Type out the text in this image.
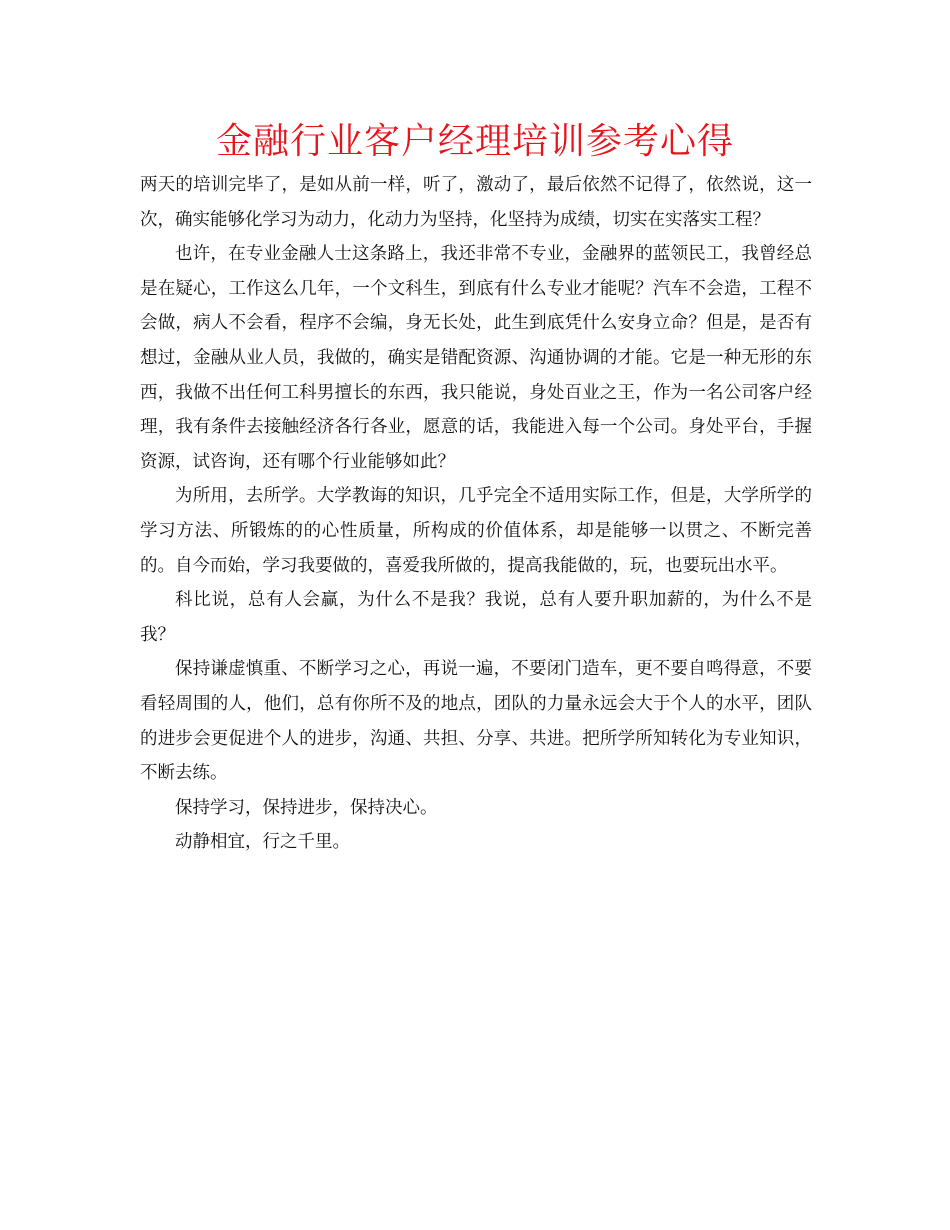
金融行业客户经理培训参考心得

两天的培训完毕了，是如从前一样，听了，激动了，最后依然不记得了，依然说，这一次，确实能够化学习为动力，化动力为坚持，化坚持为成绩，切实在实落实工程？

也许，在专业金融人士这条路上，我还非常不专业，金融界的蓝领民工，我曾经总是在疑心，工作这么几年，一个文科生，到底有什么专业才能呢？汽车不会造，工程不会做，病人不会看，程序不会编，身无长处，此生到底凭什么安身立命？但是，是否有想过，金融从业人员，我做的，确实是错配资源、沟通协调的才能。它是一种无形的东西，我做不出任何工科男擅长的东西，我只能说，身处百业之王，作为一名公司客户经理，我有条件去接触经济各行各业，愿意的话，我能进入每一个公司。身处平台，手握资源，试咨询，还有哪个行业能够如此？

为所用，去所学。大学教诲的知识，几乎完全不适用实际工作，但是，大学所学的学习方法、所锻炼的的心性质量，所构成的价值体系，却是能够一以贯之、不断完善的。自今而始，学习我要做的，喜爱我所做的，提高我能做的，玩，也要玩出水平。

科比说，总有人会赢，为什么不是我？我说，总有人要升职加薪的，为什么不是我？

保持谦虚慎重、不断学习之心，再说一遍，不要闭门造车，更不要自鸣得意，不要看轻周围的人，他们，总有你所不及的地点，团队的力量永远会大于个人的水平，团队的进步会更促进个人的进步，沟通、共担、分享、共进。把所学所知转化为专业知识，不断去练。

保持学习，保持进步，保持决心。

动静相宜，行之千里。
